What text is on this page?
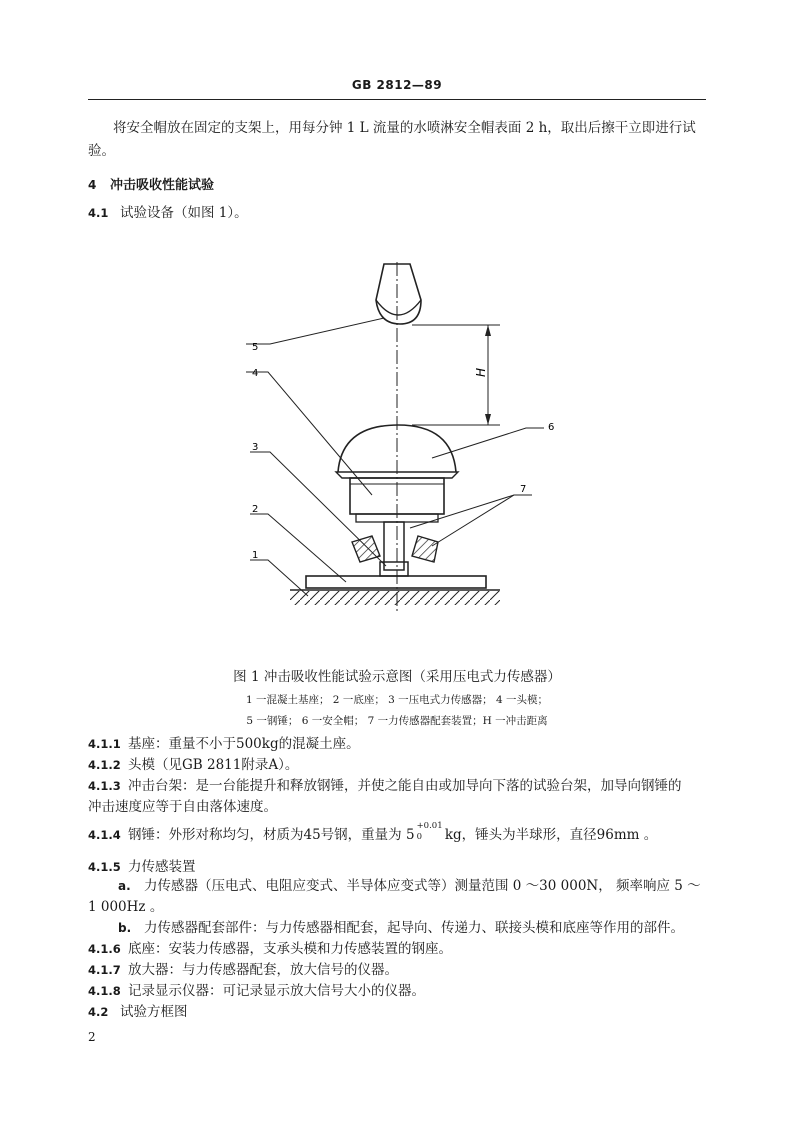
GB 2812—89
将安全帽放在固定的支架上，用每分钟 1 L 流量的水喷淋安全帽表面 2 h，取出后擦干立即进行试
验。
4 冲击吸收性能试验
4.1 试验设备（如图 1）。
H
5
4
6
3
2
1
7
图 1 冲击吸收性能试验示意图（采用压电式力传感器）
1 一混凝土基座； 2 一底座； 3 一压电式力传感器； 4 一头模；
5 一钢锤； 6 一安全帽； 7 一力传感器配套装置；H 一冲击距离
4.1.1 基座：重量不小于500kg的混凝土座。
4.1.2 头模（见GB 2811附录A）。
4.1.3 冲击台架：是一台能提升和释放钢锤，并使之能自由或加导向下落的试验台架，加导向钢锤的
冲击速度应等于自由落体速度。
4.1.4 钢锤：外形对称均匀，材质为45号钢，重量为 5
+0.01
0 kg，锤头为半球形，直径96mm 。
4.1.5 力传感装置
a. 力传感器（压电式、电阻应变式、半导体应变式等）测量范围 0 ～30 000N， 频率响应 5 ～
1 000Hz 。
b. 力传感器配套部件：与力传感器相配套，起导向、传递力、联接头模和底座等作用的部件。
4.1.6 底座：安装力传感器，支承头模和力传感装置的钢座。
4.1.7 放大器：与力传感器配套，放大信号的仪器。
4.1.8 记录显示仪器：可记录显示放大信号大小的仪器。
4.2 试验方框图
2
